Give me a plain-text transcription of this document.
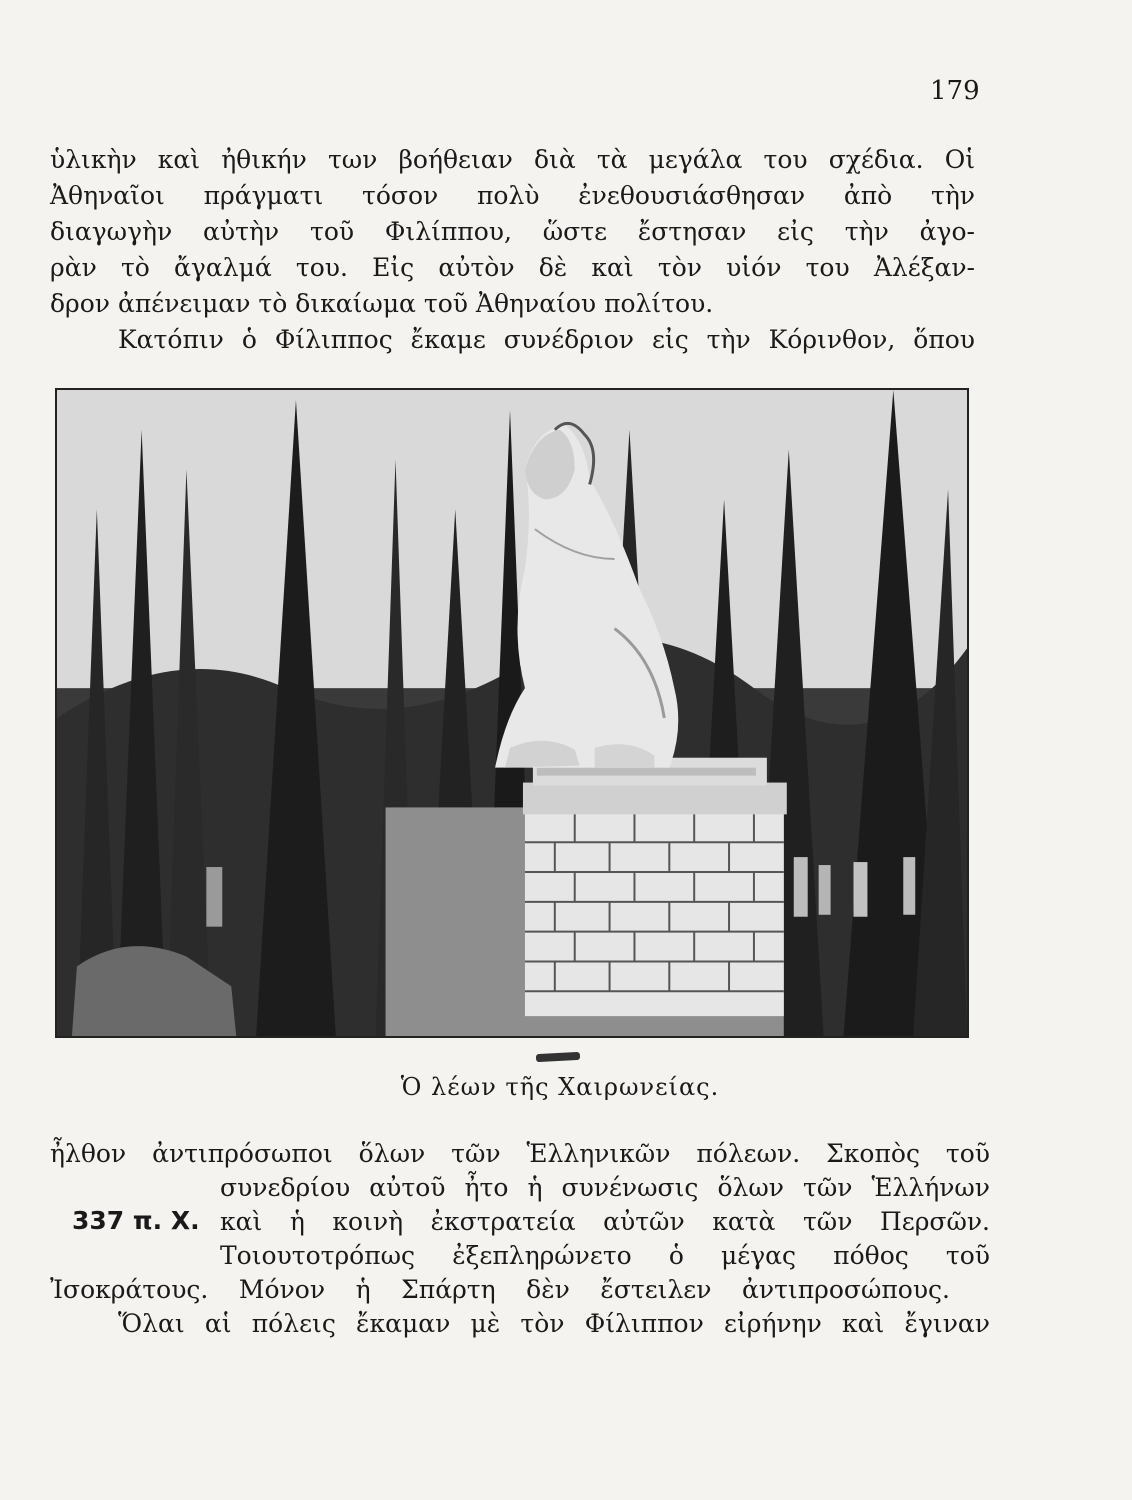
179
ὑλικὴν καὶ ἠθικήν των βοήθειαν διὰ τὰ μεγάλα του σχέδια. Οἱ
Ἀθηναῖοι πράγματι τόσον πολὺ ἐνεθουσιάσθησαν ἀπὸ τὴν
διαγωγὴν αὐτὴν τοῦ Φιλίππου, ὥστε ἔστησαν εἰς τὴν ἀγο-
ρὰν τὸ ἄγαλμά του. Εἰς αὐτὸν δὲ καὶ τὸν υἱόν του Ἀλέξαν-
δρον ἀπένειμαν τὸ δικαίωμα τοῦ Ἀθηναίου πολίτου.
Κατόπιν ὁ Φίλιππος ἔκαμε συνέδριον εἰς τὴν Κόρινθον, ὅπου
Ὁ λέων τῆς Χαιρωνείας.
ἦλθον ἀντιπρόσωποι ὅλων τῶν Ἑλληνικῶν πόλεων. Σκοπὸς τοῦ
συνεδρίου αὐτοῦ ἦτο ἡ συνένωσις ὅλων τῶν Ἑλλήνων
337 π. Χ. καὶ ἡ κοινὴ ἐκστρατεία αὐτῶν κατὰ τῶν Περσῶν.
Τοιουτοτρόπως ἐξεπληρώνετο ὁ μέγας πόθος τοῦ
Ἰσοκράτους. Μόνον ἡ Σπάρτη δὲν ἔστειλεν ἀντιπροσώπους.
Ὅλαι αἱ πόλεις ἔκαμαν μὲ τὸν Φίλιππον εἰρήνην καὶ ἔγιναν
